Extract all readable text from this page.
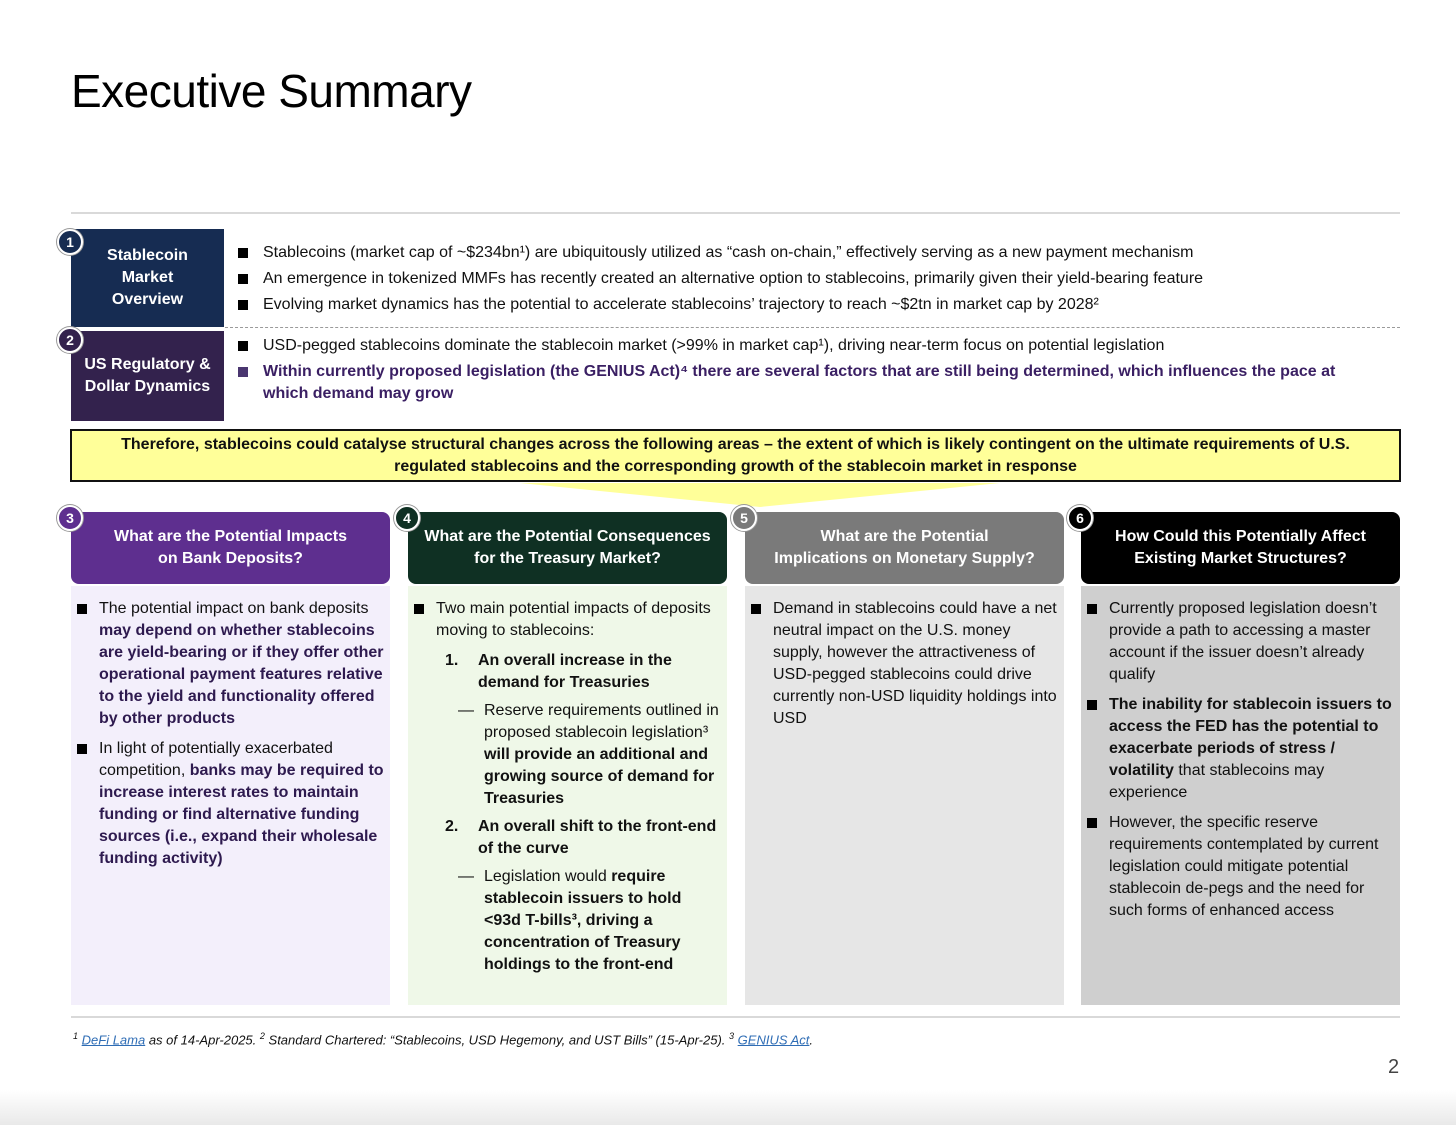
Executive Summary
1
Stablecoin Market Overview
Stablecoins (market cap of ~$234bn¹) are ubiquitously utilized as “cash on-chain,” effectively serving as a new payment mechanism
An emergence in tokenized MMFs has recently created an alternative option to stablecoins, primarily given their yield-bearing feature
Evolving market dynamics has the potential to accelerate stablecoins’ trajectory to reach ~$2tn in market cap by 2028²
2
US Regulatory & Dollar Dynamics
USD-pegged stablecoins dominate the stablecoin market (>99% in market cap¹), driving near-term focus on potential legislation
Within currently proposed legislation (the GENIUS Act)⁴ there are several factors that are still being determined, which influences the pace at which demand may grow
Therefore, stablecoins could catalyse structural changes across the following areas – the extent of which is likely contingent on the ultimate requirements of U.S. regulated stablecoins and the corresponding growth of the stablecoin market in response
3
What are the Potential Impacts on Bank Deposits?
The potential impact on bank deposits may depend on whether stablecoins are yield-bearing or if they offer other operational payment features relative to the yield and functionality offered by other products
In light of potentially exacerbated competition, banks may be required to increase interest rates to maintain funding or find alternative funding sources (i.e., expand their wholesale funding activity)
4
What are the Potential Consequences for the Treasury Market?
Two main potential impacts of deposits moving to stablecoins:
1. An overall increase in the demand for Treasuries
— Reserve requirements outlined in proposed stablecoin legislation³ will provide an additional and growing source of demand for Treasuries
2. An overall shift to the front-end of the curve
— Legislation would require stablecoin issuers to hold <93d T-bills³, driving a concentration of Treasury holdings to the front-end
5
What are the Potential Implications on Monetary Supply?
Demand in stablecoins could have a net neutral impact on the U.S. money supply, however the attractiveness of USD-pegged stablecoins could drive currently non-USD liquidity holdings into USD
6
How Could this Potentially Affect Existing Market Structures?
Currently proposed legislation doesn’t provide a path to accessing a master account if the issuer doesn’t already qualify
The inability for stablecoin issuers to access the FED has the potential to exacerbate periods of stress / volatility that stablecoins may experience
However, the specific reserve requirements contemplated by current legislation could mitigate potential stablecoin de-pegs and the need for such forms of enhanced access
$^1$ DeFi Lama as of 14-Apr-2025. $^2$ Standard Chartered: “Stablecoins, USD Hegemony, and UST Bills” (15-Apr-25). $^3$ GENIUS Act.
2
